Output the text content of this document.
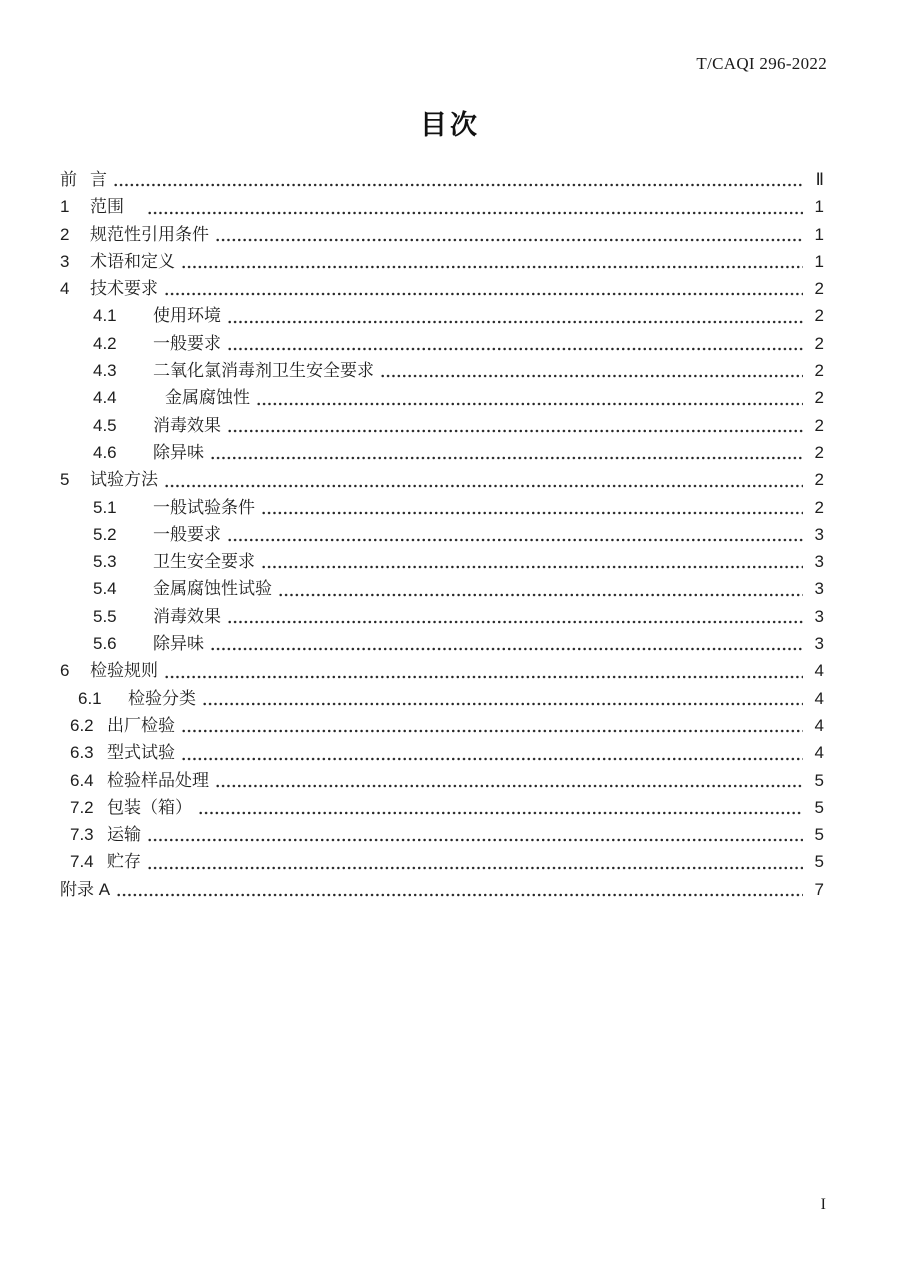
T/CAQI 296-2022
目次
前 言	Ⅱ
1	范围　	1
2	规范性引用条件	1
3	术语和定义	1
4	技术要求	2
4.1	使用环境	2
4.2	一般要求	2
4.3	二氧化氯消毒剂卫生安全要求	2
4.4	金属腐蚀性	2
4.5	消毒效果	2
4.6	除异味	2
5	试验方法	2
5.1	一般试验条件	2
5.2	一般要求	3
5.3	卫生安全要求	3
5.4	金属腐蚀性试验	3
5.5	消毒效果	3
5.6	除异味	3
6	检验规则	4
6.1	检验分类	4
6.2 出厂检验	4
6.3 型式试验	4
6.4 检验样品处理	5
7.2 包装（箱）	5
7.3 运输	5
7.4 贮存	5
附录 A	7
I
